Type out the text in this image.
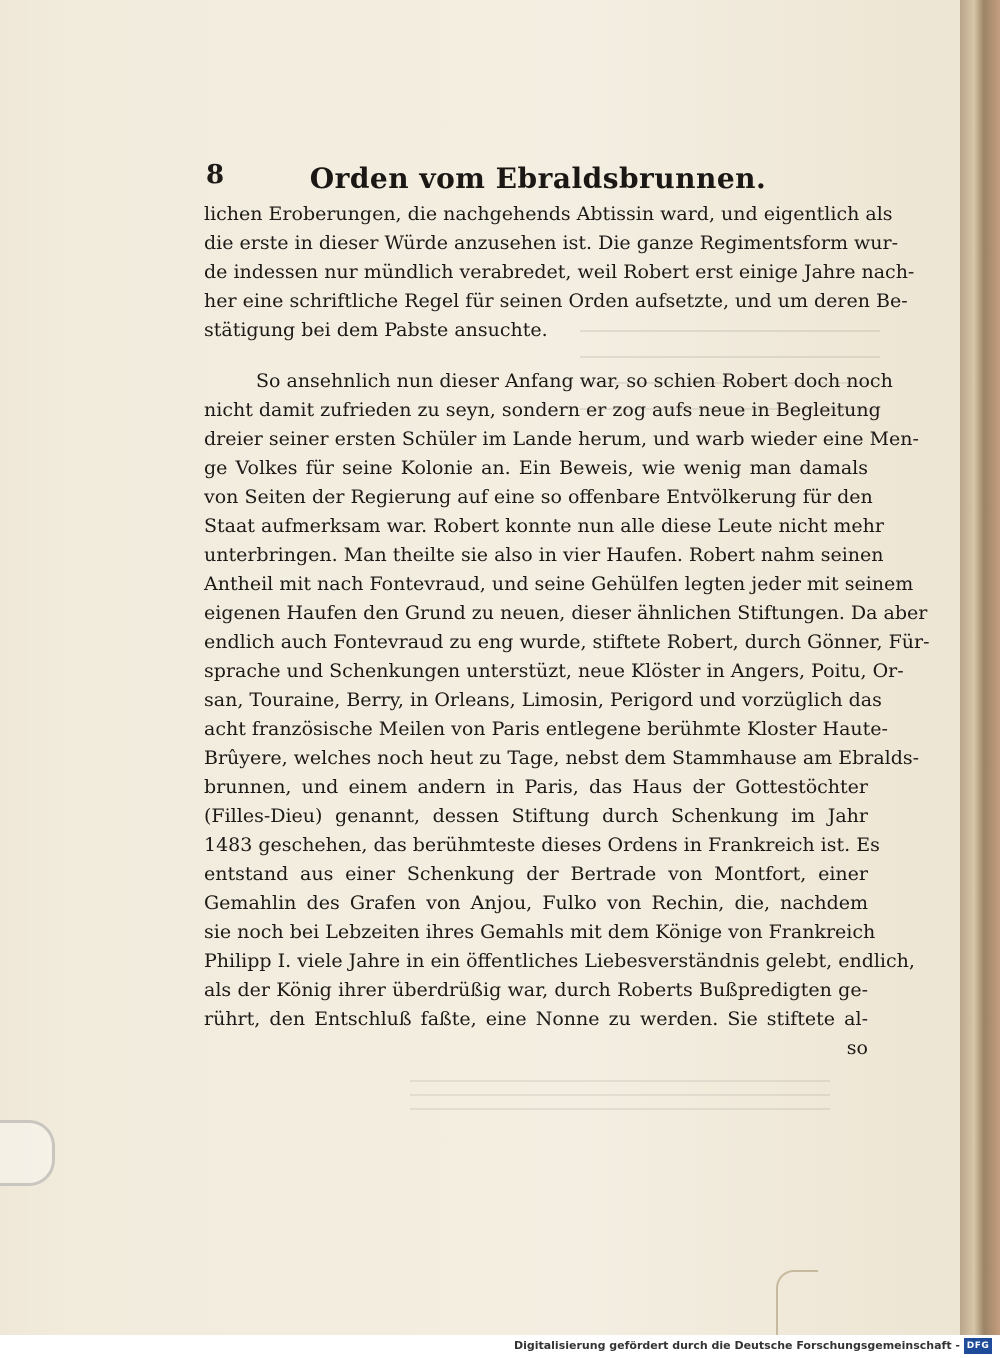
8	Orden vom Ebraldsbrunnen.
lichen Eroberungen, die nachgehends Abtissin ward, und eigentlich als
die erste in dieser Würde anzusehen ist. Die ganze Regimentsform wur-
de indessen nur mündlich verabredet, weil Robert erst einige Jahre nach-
her eine schriftliche Regel für seinen Orden aufsetzte, und um deren Be-
stätigung bei dem Pabste ansuchte.
So ansehnlich nun dieser Anfang war, so schien Robert doch noch
nicht damit zufrieden zu seyn, sondern er zog aufs neue in Begleitung
dreier seiner ersten Schüler im Lande herum, und warb wieder eine Men-
ge Volkes für seine Kolonie an. Ein Beweis, wie wenig man damals
von Seiten der Regierung auf eine so offenbare Entvölkerung für den
Staat aufmerksam war. Robert konnte nun alle diese Leute nicht mehr
unterbringen. Man theilte sie also in vier Haufen. Robert nahm seinen
Antheil mit nach Fontevraud, und seine Gehülfen legten jeder mit seinem
eigenen Haufen den Grund zu neuen, dieser ähnlichen Stiftungen. Da aber
endlich auch Fontevraud zu eng wurde, stiftete Robert, durch Gönner, Für-
sprache und Schenkungen unterstüzt, neue Klöster in Angers, Poitu, Or-
san, Touraine, Berry, in Orleans, Limosin, Perigord und vorzüglich das
acht französische Meilen von Paris entlegene berühmte Kloster Haute-
Brûyere, welches noch heut zu Tage, nebst dem Stammhause am Ebralds-
brunnen, und einem andern in Paris, das Haus der Gottestöchter
(Filles-Dieu) genannt, dessen Stiftung durch Schenkung im Jahr
1483 geschehen, das berühmteste dieses Ordens in Frankreich ist. Es
entstand aus einer Schenkung der Bertrade von Montfort, einer
Gemahlin des Grafen von Anjou, Fulko von Rechin, die, nachdem
sie noch bei Lebzeiten ihres Gemahls mit dem Könige von Frankreich
Philipp I. viele Jahre in ein öffentliches Liebesverständnis gelebt, endlich,
als der König ihrer überdrüßig war, durch Roberts Bußpredigten ge-
rührt, den Entschluß faßte, eine Nonne zu werden. Sie stiftete al-
so
Digitalisierung gefördert durch die Deutsche Forschungsgemeinschaft - DFG
